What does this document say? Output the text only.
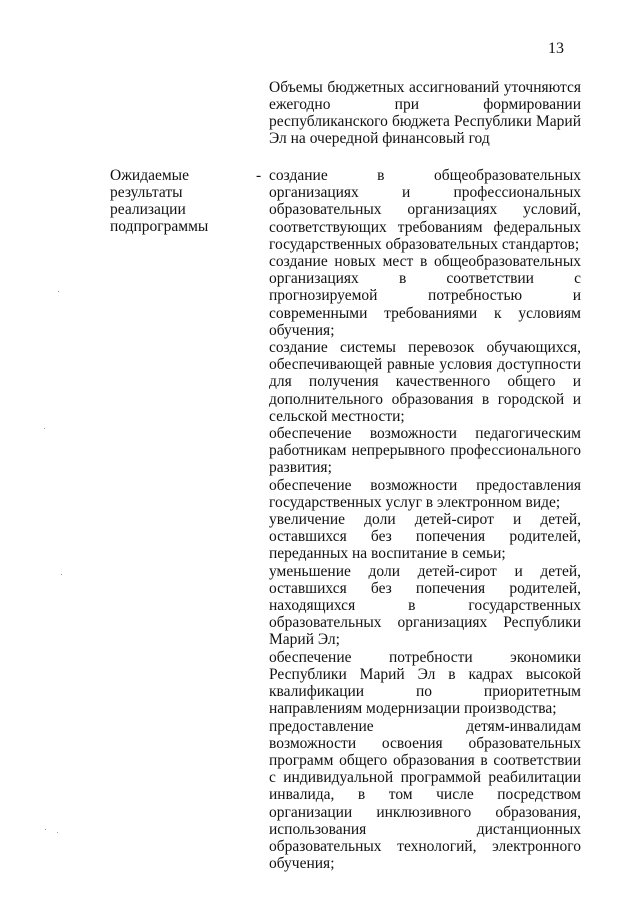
13
Объемы бюджетных ассигнований уточняются ежегодно при формировании республиканского бюджета Республики Марий Эл на очередной финансовый год
Ожидаемые
результаты
реализации
подпрограммы
- создание в общеобразовательных организациях и профессиональных образовательных организациях условий, соответствующих требованиям федеральных государственных образовательных стандартов;
создание новых мест в общеобразовательных организациях в соответствии с прогнозируемой потребностью и современными требованиями к условиям обучения;
создание системы перевозок обучающихся, обеспечивающей равные условия доступности для получения качественного общего и дополнительного образования в городской и сельской местности;
обеспечение возможности педагогическим работникам непрерывного профессионального развития;
обеспечение возможности предоставления государственных услуг в электронном виде;
увеличение доли детей-сирот и детей, оставшихся без попечения родителей, переданных на воспитание в семьи;
уменьшение доли детей-сирот и детей, оставшихся без попечения родителей, находящихся в государственных образовательных организациях Республики Марий Эл;
обеспечение потребности экономики Республики Марий Эл в кадрах высокой квалификации по приоритетным направлениям модернизации производства;
предоставление детям-инвалидам возможности освоения образовательных программ общего образования в соответствии с индивидуальной программой реабилитации инвалида, в том числе посредством организации инклюзивного образования, использования дистанционных образовательных технологий, электронного обучения;
